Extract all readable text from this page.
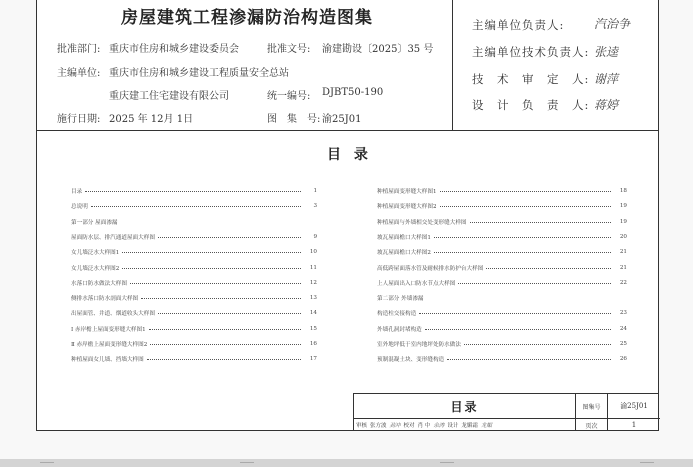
房屋建筑工程渗漏防治构造图集
批准部门: 重庆市住房和城乡建设委员会	批准文号: 渝建勘设〔2025〕35 号
主编单位: 重庆市住房和城乡建设工程质量安全总站
重庆建工住宅建设有限公司	统一编号: DJBT50-190
施行日期: 2025 年 12月 1日	图　集　号: 渝25J01
主编单位负责人: 汽治争
主编单位技术负责人: 张逵
技　术　审　定　人: 谢萍
设　计　负　责　人: 蒋婷
目 录
目录	1
总说明	3
第一部分 屋面渗漏
屋面防水层、排汽通道屋面大样图	9
女儿墙泛水大样图1	10
女儿墙泛水大样图2	11
水落口防水做法大样图	12
侧排水落口防水剖面大样图	13
出屋面管、井道、烟道收头大样图	14
Ⅰ 赤岸檐上屋面变形缝大样图1	15
Ⅱ 赤岸檐上屋面变形缝大样图2	16
种植屋面女儿墙、挡墙大样图	17
种植屋面变形缝大样图1	18
种植屋面变形缝大样图2	19
种植屋面与外墙相交处变形缝大样图	19
坡瓦屋面檐口大样图1	20
坡瓦屋面檐口大样图2	21
高低跨屋面落水管及耐候排水防护台大样图	21
上人屋面出入口防水节点大样图	22
第二部分 外墙渗漏
构造柱交接构造	23
外墙孔洞封堵构造	24
室外地坪低于室内地坪处防水做法	25
预制混凝土块、变形缝构造	26
目录	图集号	渝25J01
页次	1
审核 张方波 劲冲 校对 肖 中 余涛 设计 龙媚霜 龙媚
